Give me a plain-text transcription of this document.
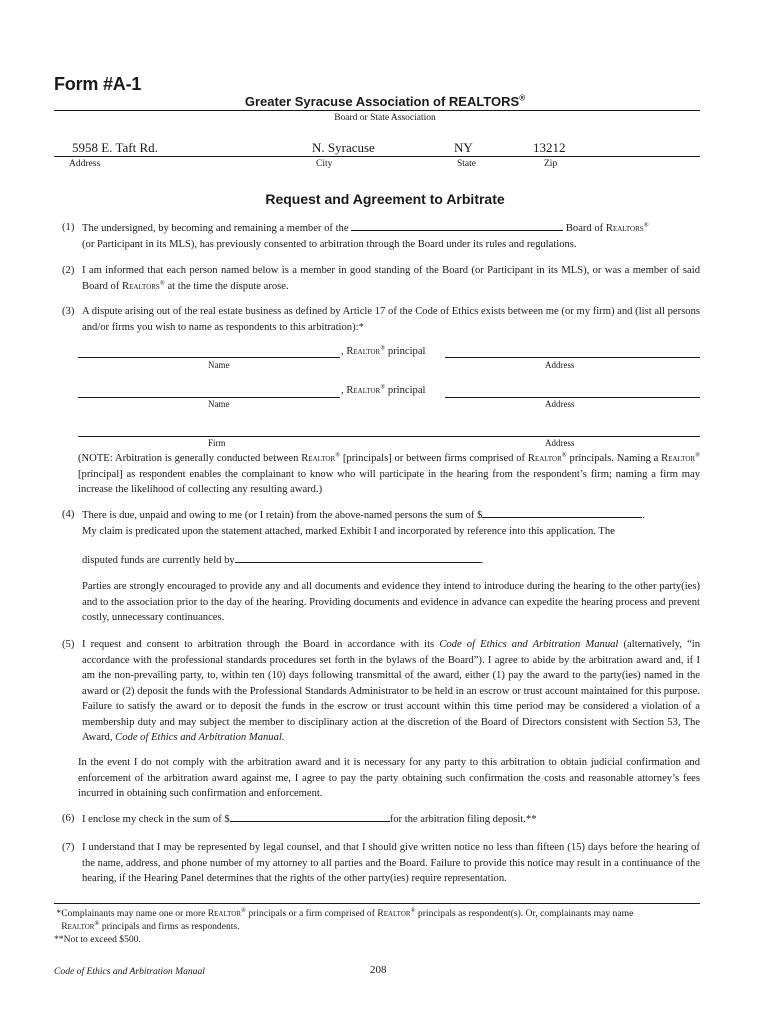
Form #A-1
Greater Syracuse Association of REALTORS®
Board or State Association
5958 E. Taft Rd.	N. Syracuse	NY	13212
Address	City	State	Zip
Request and Agreement to Arbitrate
(1) The undersigned, by becoming and remaining a member of the	Board of Realtors®
(or Participant in its MLS), has previously consented to arbitration through the Board under its rules and regulations.
(2) I am informed that each person named below is a member in good standing of the Board (or Participant in its MLS), or was a member of said Board of Realtors® at the time the dispute arose.
(3) A dispute arising out of the real estate business as defined by Article 17 of the Code of Ethics exists between me (or my firm) and (list all persons and/or firms you wish to name as respondents to this arbitration):*
, Realtor® principal
Name	Address
, Realtor® principal
Name	Address
Firm	Address
(NOTE: Arbitration is generally conducted between Realtor® [principals] or between firms comprised of Realtor® principals. Naming a Realtor® [principal] as respondent enables the complainant to know who will participate in the hearing from the respondent’s firm; naming a firm may increase the likelihood of collecting any resulting award.)
(4) There is due, unpaid and owing to me (or I retain) from the above-named persons the sum of $	.
My claim is predicated upon the statement attached, marked Exhibit I and incorporated by reference into this application. The
disputed funds are currently held by	.
Parties are strongly encouraged to provide any and all documents and evidence they intend to introduce during the hearing to the other party(ies) and to the association prior to the day of the hearing. Providing documents and evidence in advance can expedite the hearing process and prevent costly, unnecessary continuances.
(5) I request and consent to arbitration through the Board in accordance with its Code of Ethics and Arbitration Manual (alternatively, “in accordance with the professional standards procedures set forth in the bylaws of the Board”). I agree to abide by the arbitration award and, if I am the non-prevailing party, to, within ten (10) days following transmittal of the award, either (1) pay the award to the party(ies) named in the award or (2) deposit the funds with the Professional Standards Administrator to be held in an escrow or trust account maintained for this purpose. Failure to satisfy the award or to deposit the funds in the escrow or trust account within this time period may be considered a violation of a membership duty and may subject the member to disciplinary action at the discretion of the Board of Directors consistent with Section 53, The Award, Code of Ethics and Arbitration Manual.
In the event I do not comply with the arbitration award and it is necessary for any party to this arbitration to obtain judicial confirmation and enforcement of the arbitration award against me, I agree to pay the party obtaining such confirmation the costs and reasonable attorney’s fees incurred in obtaining such confirmation and enforcement.
(6) I enclose my check in the sum of $	for the arbitration filing deposit.**
(7) I understand that I may be represented by legal counsel, and that I should give written notice no less than fifteen (15) days before the hearing of the name, address, and phone number of my attorney to all parties and the Board. Failure to provide this notice may result in a continuance of the hearing, if the Hearing Panel determines that the rights of the other party(ies) require representation.
*Complainants may name one or more Realtor® principals or a firm comprised of Realtor® principals as respondent(s). Or, complainants may name
Realtor® principals and firms as respondents.
**Not to exceed $500.
Code of Ethics and Arbitration Manual	208
